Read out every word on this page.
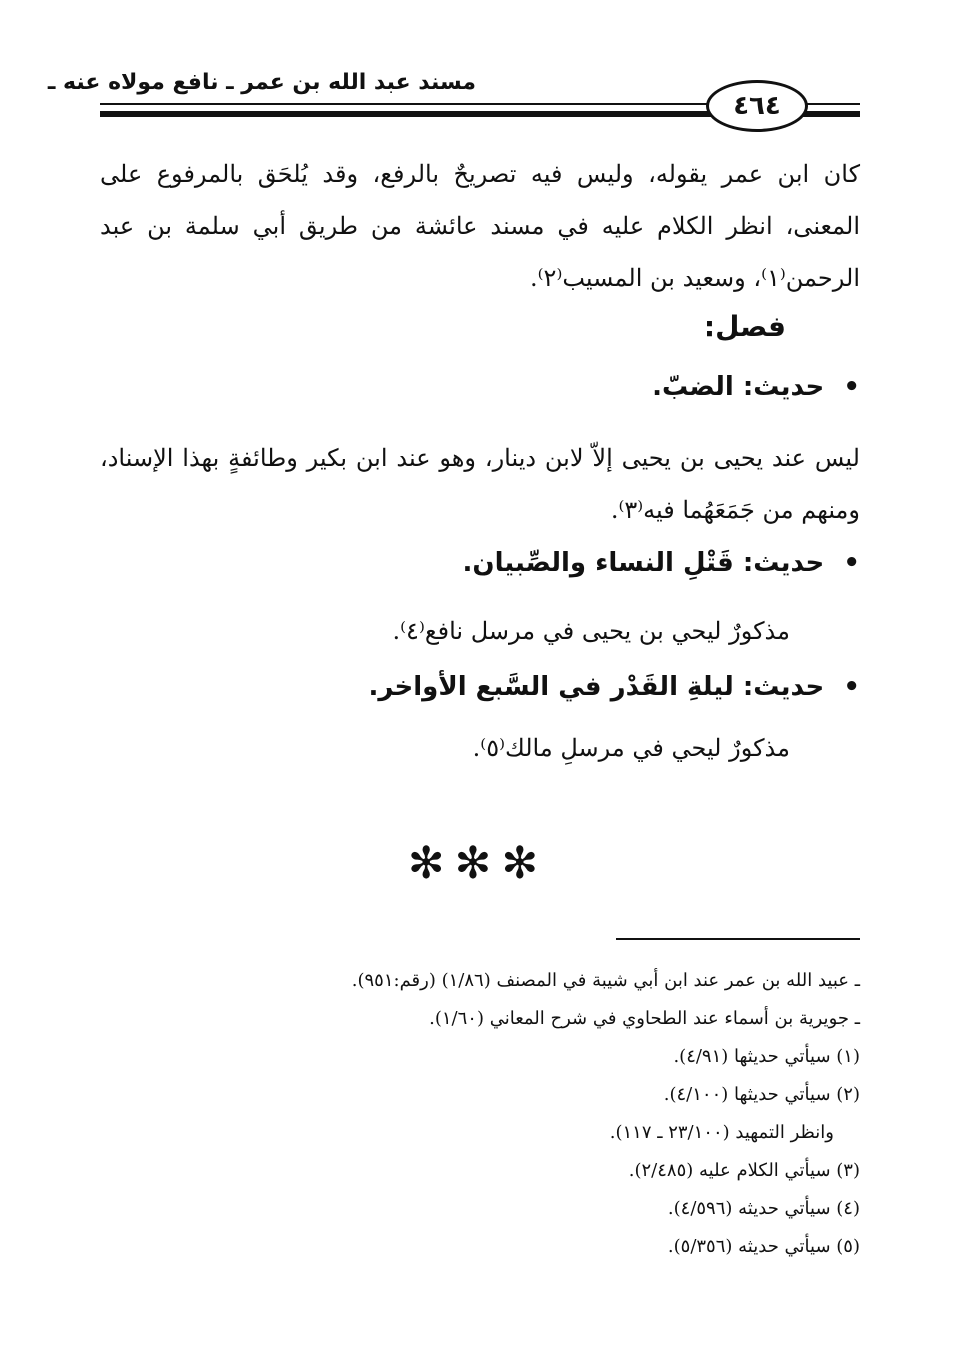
مسند عبد الله بن عمر ـ نافع مولاه عنه ـ
٤٦٤
كان ابن عمر يقوله، وليس فيه تصريحٌ بالرفع، وقد يُلحَق بالمرفوع على المعنى، انظر الكلام عليه في مسند عائشة من طريق أبي سلمة بن عبد الرحمن⁽١⁾، وسعيد بن المسيب⁽٢⁾.
فصل:
• حديث: الضبّ.
ليس عند يحيى بن يحيى إلاّ لابن دينار، وهو عند ابن بكير وطائفةٍ بهذا الإسناد، ومنهم من جَمَعَهُما فيه⁽٣⁾.
• حديث: قَتْلِ النساء والصِّبيان.
مذكورٌ ليحي بن يحيى في مرسل نافع⁽٤⁾.
• حديث: ليلةِ القَدْر في السَّبع الأواخر.
مذكورٌ ليحي في مرسلِ مالك⁽٥⁾.
✻✻✻
ـ عبيد الله بن عمر عند ابن أبي شيبة في المصنف (١/٨٦) (رقم:٩٥١).
ـ جويرية بن أسماء عند الطحاوي في شرح المعاني (١/٦٠).
(١) سيأتي حديثها (٤/٩١).
(٢) سيأتي حديثها (٤/١٠٠).
وانظر التمهيد (٢٣/١٠٠ ـ ١١٧).
(٣) سيأتي الكلام عليه (٢/٤٨٥).
(٤) سيأتي حديثه (٤/٥٩٦).
(٥) سيأتي حديثه (٥/٣٥٦).
